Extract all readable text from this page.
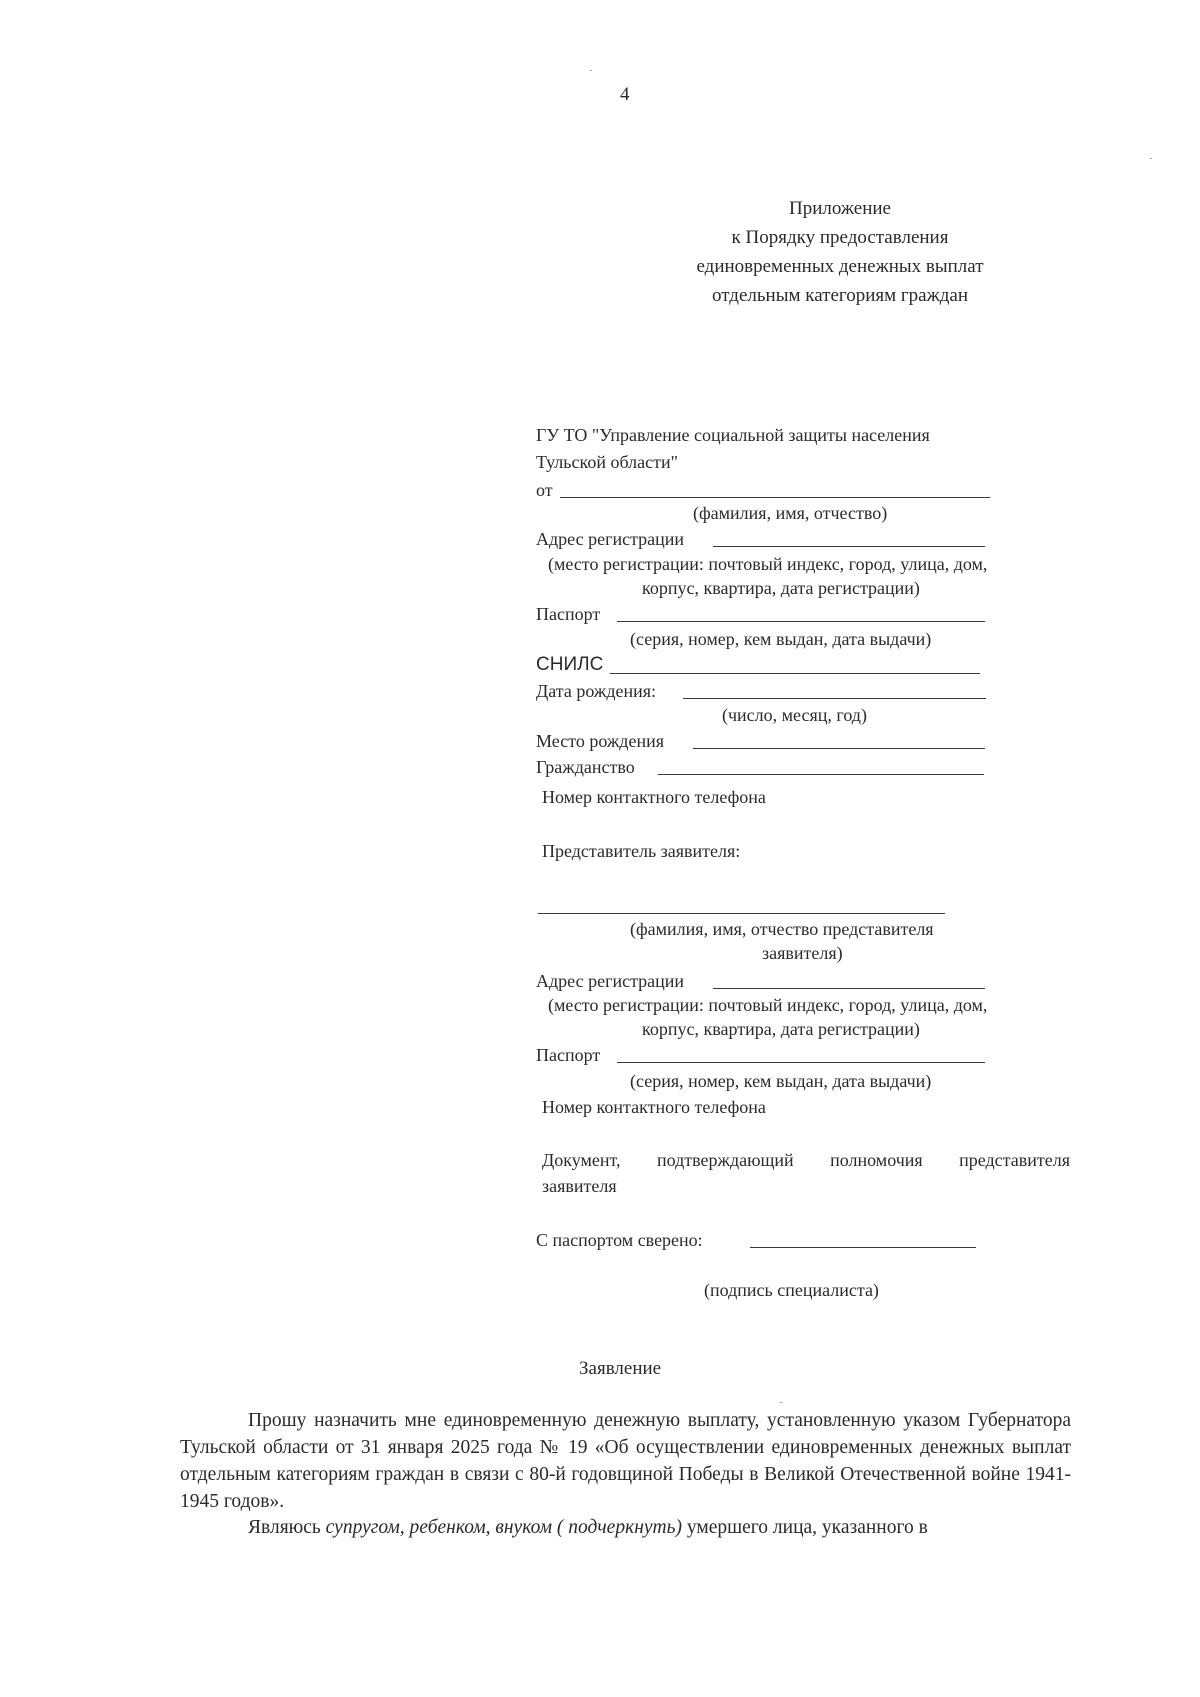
4
Приложение
к Порядку предоставления
единовременных денежных выплат
отдельным категориям граждан
ГУ ТО "Управление социальной защиты населения
Тульской области"
от
(фамилия, имя, отчество)
Адрес регистрации
(место регистрации: почтовый индекс, город, улица, дом,
корпус, квартира, дата регистрации)
Паспорт
(серия, номер, кем выдан, дата выдачи)
СНИЛС
Дата рождения:
(число, месяц, год)
Место рождения
Гражданство
Номер контактного телефона
Представитель заявителя:
(фамилия, имя, отчество представителя
заявителя)
Адрес регистрации
(место регистрации: почтовый индекс, город, улица, дом,
корпус, квартира, дата регистрации)
Паспорт
(серия, номер, кем выдан, дата выдачи)
Номер контактного телефона
Документ, подтверждающий полномочия представителя
заявителя
С паспортом сверено:
(подпись специалиста)
Заявление
Прошу назначить мне единовременную денежную выплату, установленную указом Губернатора Тульской области от 31 января 2025 года № 19 «Об осуществлении единовременных денежных выплат отдельным категориям граждан в связи с 80-й годовщиной Победы в Великой Отечественной войне 1941-1945 годов».
Являюсь супругом, ребенком, внуком ( подчеркнуть) умершего лица, указанного в
